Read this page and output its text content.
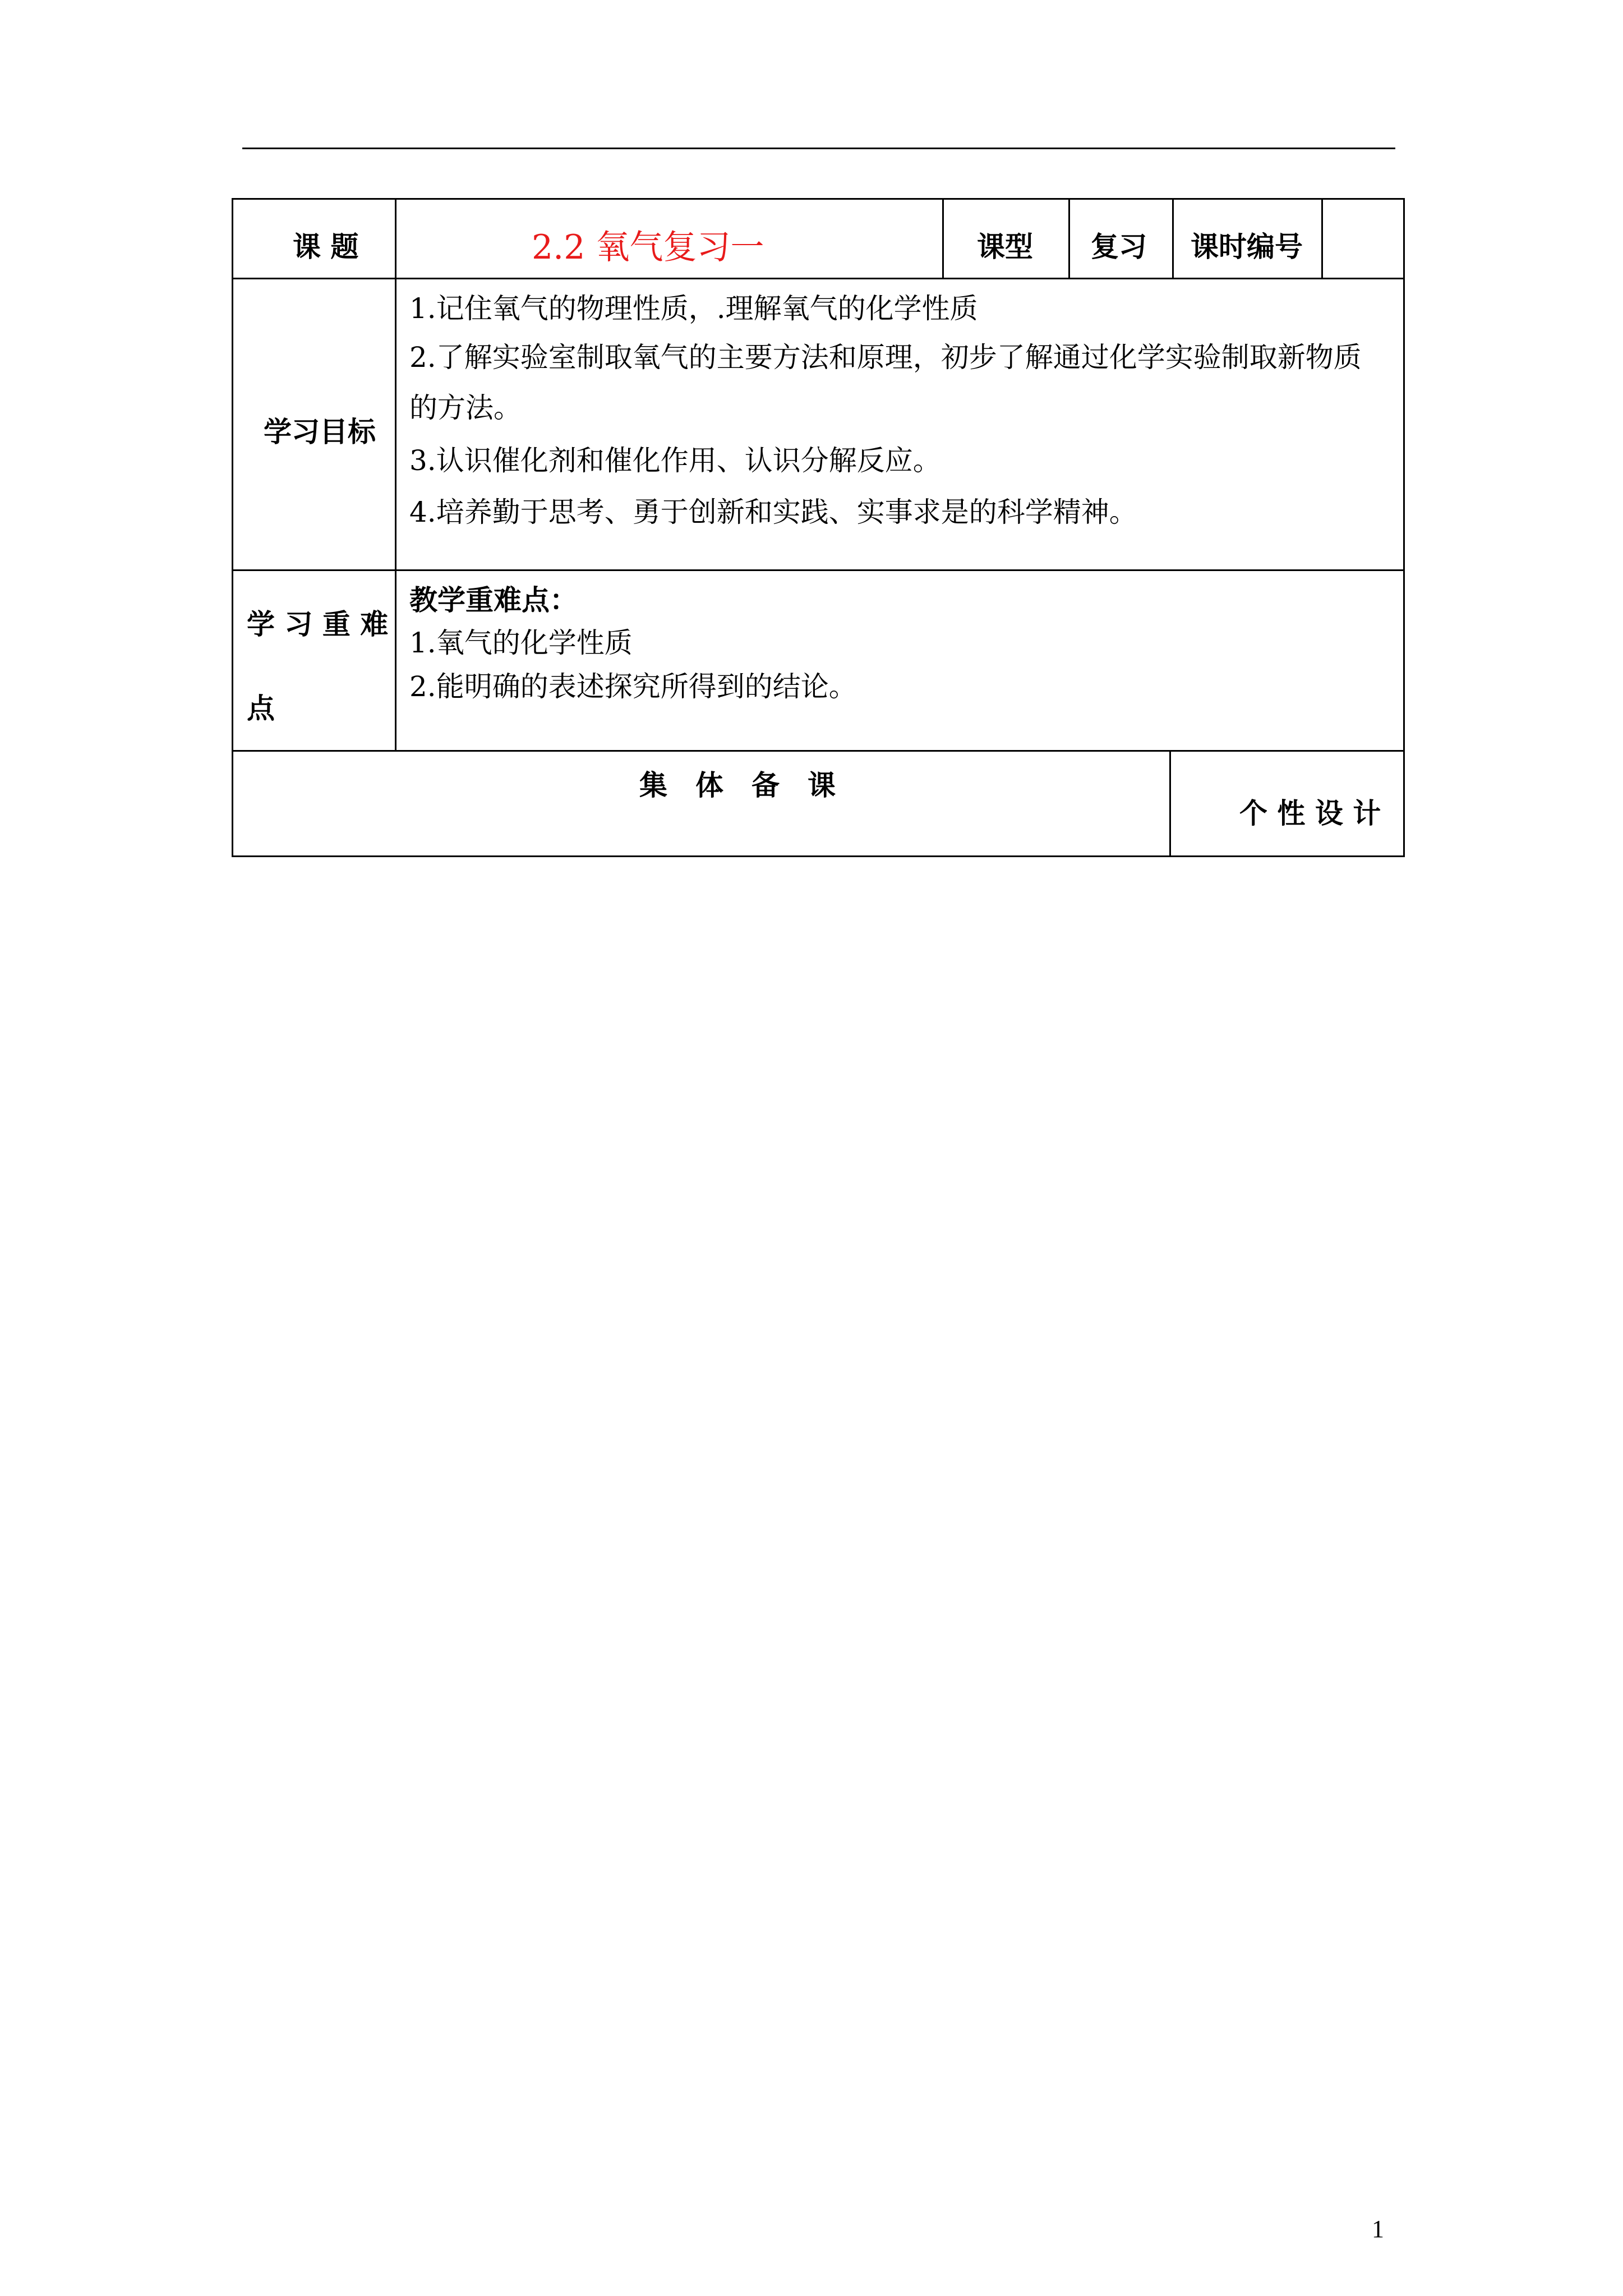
课 题	2.2 氧气复习一	课型 复习 课时编号
学习目标
1.记住氧气的物理性质，.理解氧气的化学性质
2.了解实验室制取氧气的主要方法和原理，初步了解通过化学实验制取新物质
的方法。
3.认识催化剂和催化作用、认识分解反应。
4.培养勤于思考、勇于创新和实践、实事求是的科学精神。
学 习 重 难
点
教学重难点：
1.氧气的化学性质
2.能明确的表述探究所得到的结论。
集　体　备　课
个 性 设 计
1
